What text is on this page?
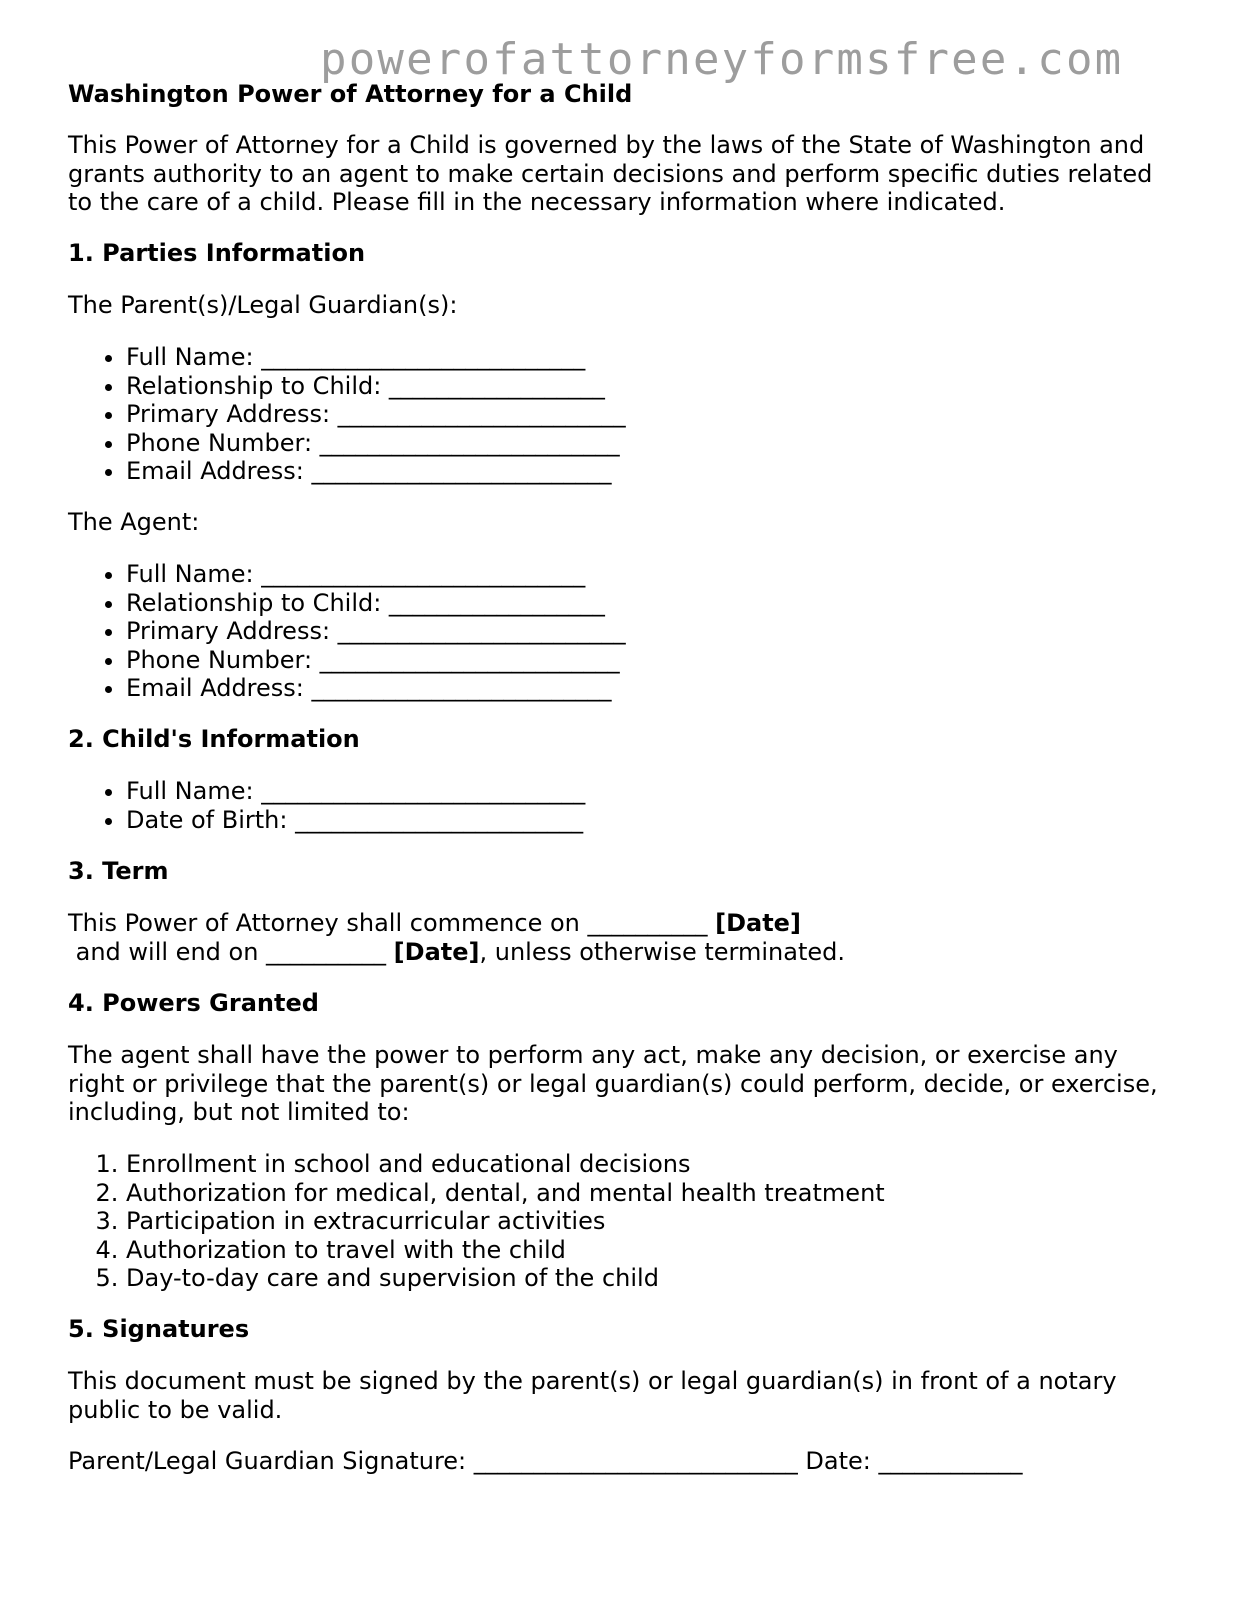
powerofattorneyformsfree.com
Washington Power of Attorney for a Child

This Power of Attorney for a Child is governed by the laws of the State of Washington and grants authority to an agent to make certain decisions and perform specific duties related to the care of a child. Please fill in the necessary information where indicated.

1. Parties Information

The Parent(s)/Legal Guardian(s):

• Full Name: ___________________________
• Relationship to Child: __________________
• Primary Address: ________________________
• Phone Number: _________________________
• Email Address: _________________________

The Agent:

• Full Name: ___________________________
• Relationship to Child: __________________
• Primary Address: ________________________
• Phone Number: _________________________
• Email Address: _________________________
2. Child's Information
• Full Name: ___________________________
• Date of Birth: ________________________
3. Term

This Power of Attorney shall commence on __________ [Date] and will end on __________ [Date], unless otherwise terminated.

4. Powers Granted

The agent shall have the power to perform any act, make any decision, or exercise any right or privilege that the parent(s) or legal guardian(s) could perform, decide, or exercise, including, but not limited to:

1. Enrollment in school and educational decisions
2. Authorization for medical, dental, and mental health treatment
3. Participation in extracurricular activities
4. Authorization to travel with the child
5. Day-to-day care and supervision of the child
5. Signatures

This document must be signed by the parent(s) or legal guardian(s) in front of a notary public to be valid.

Parent/Legal Guardian Signature: ___________________________ Date: ____________
